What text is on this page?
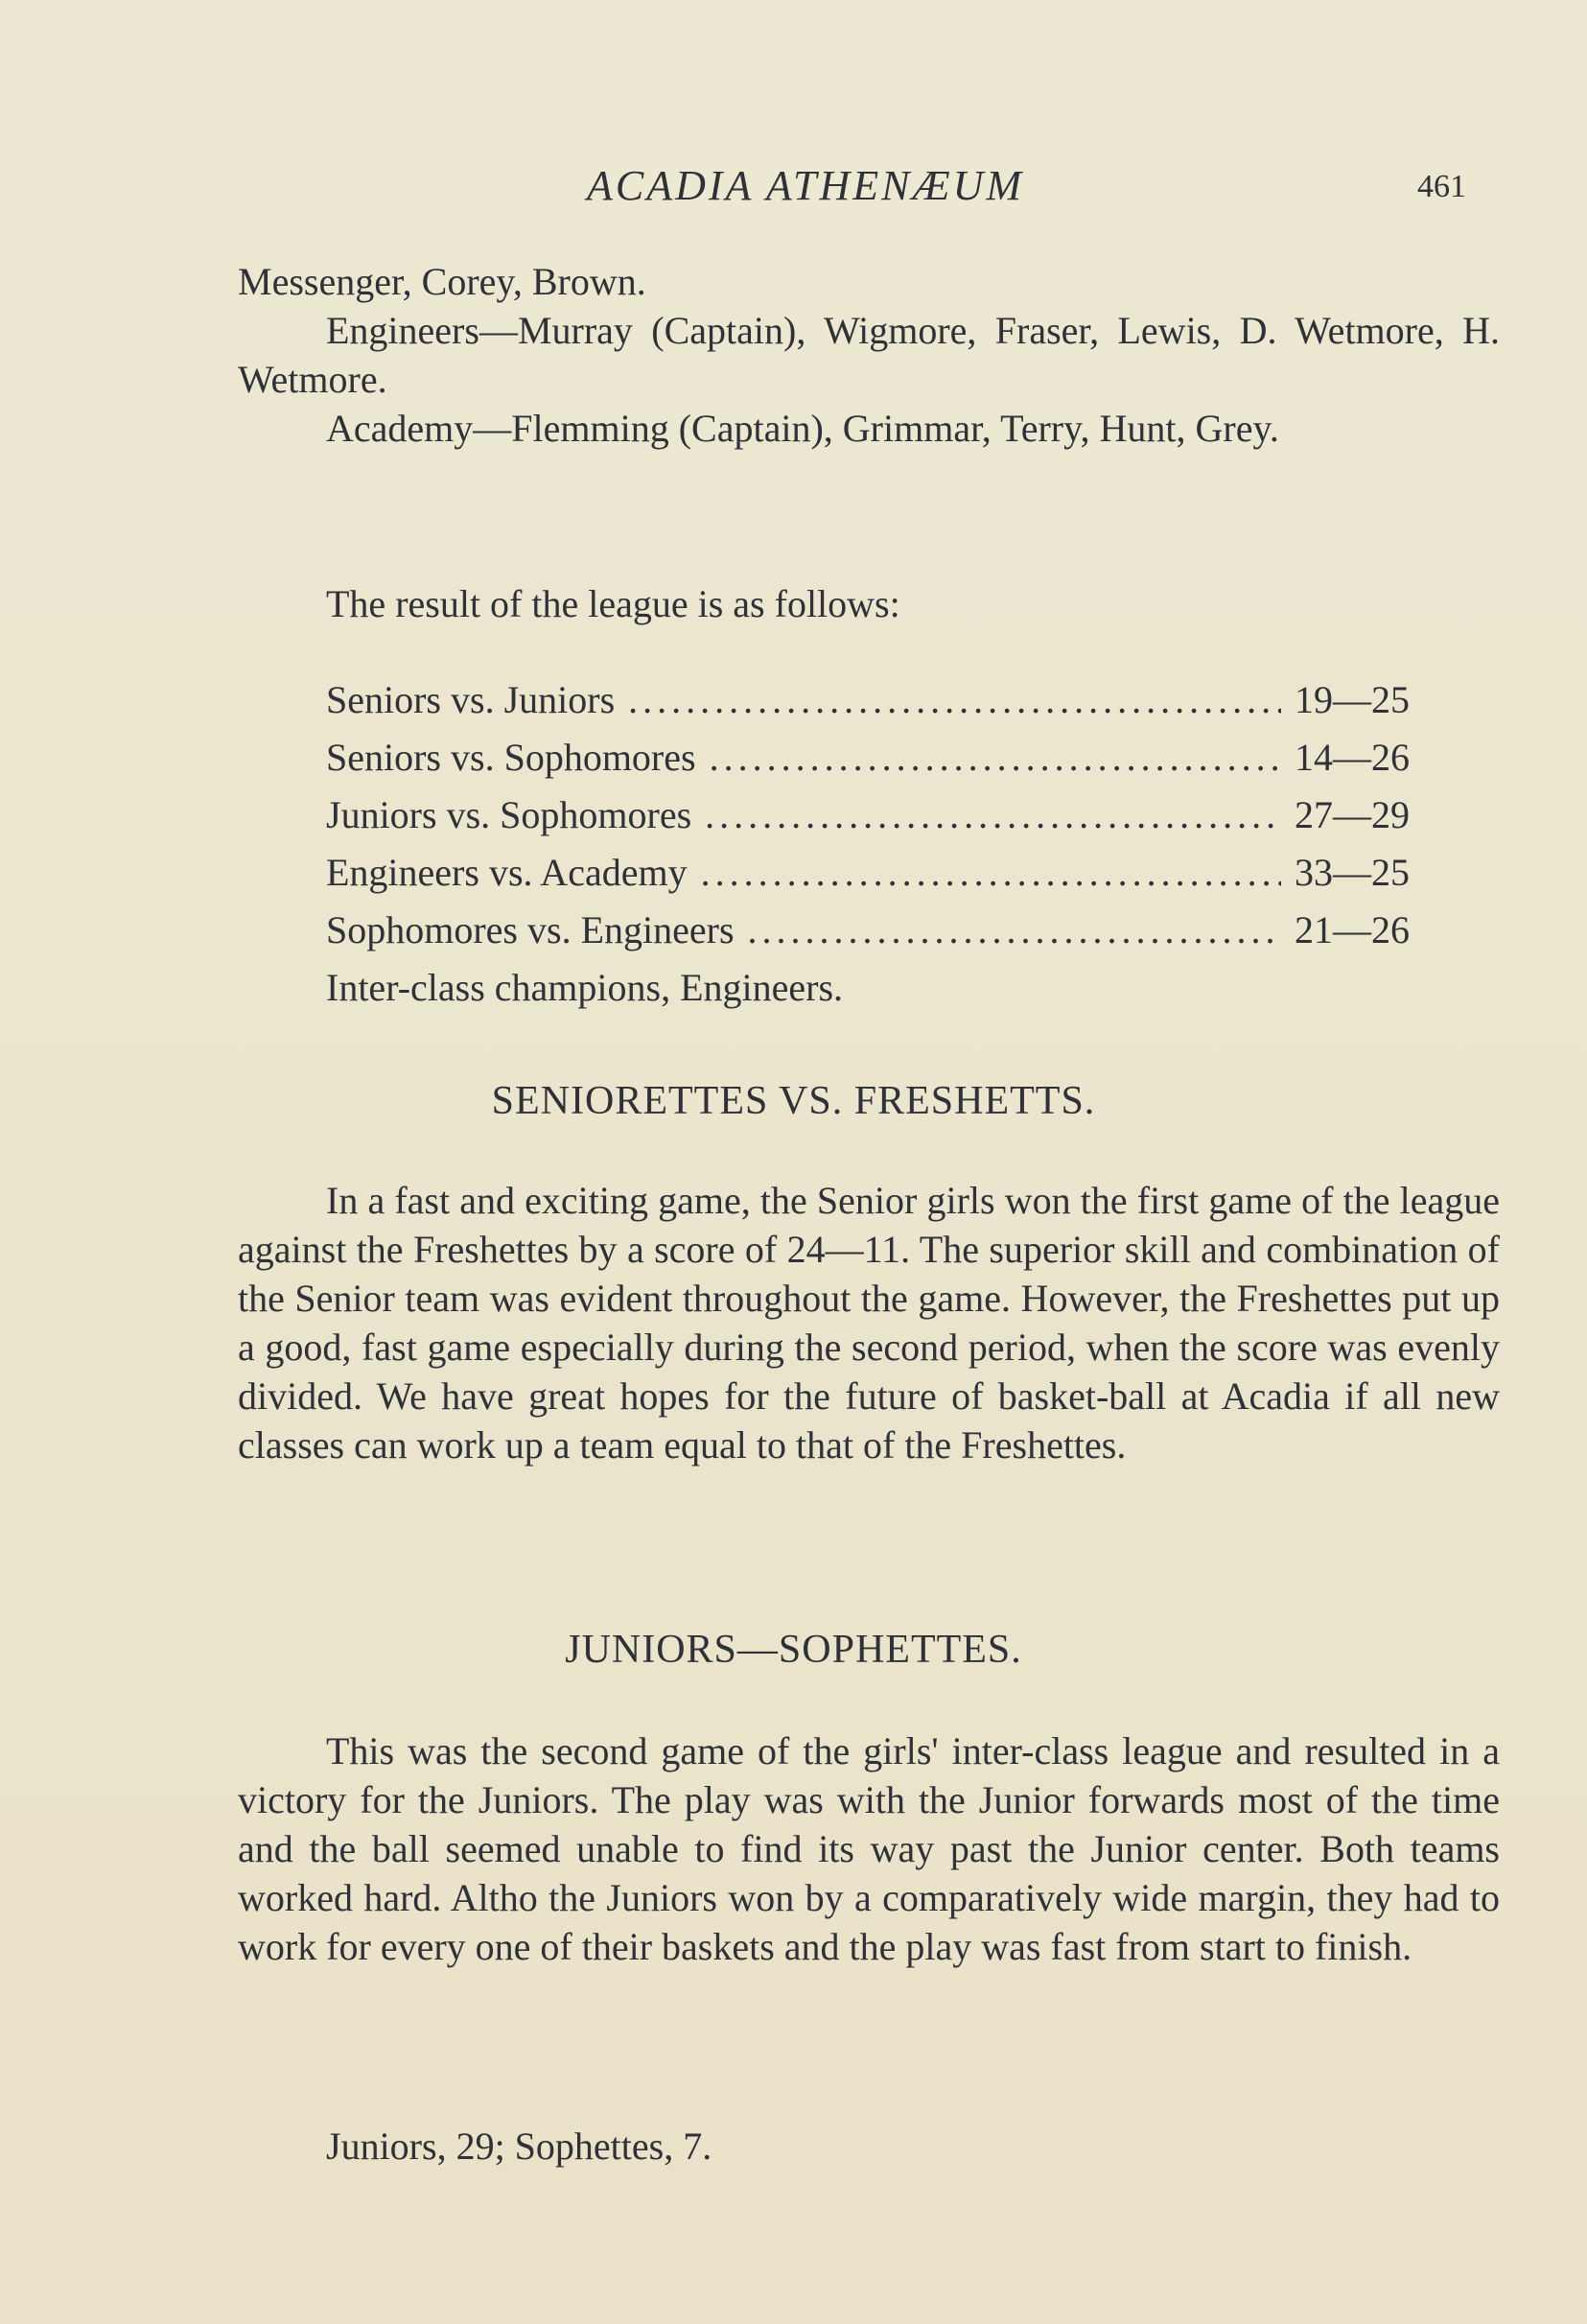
ACADIA ATHENÆUM	461

Messenger, Corey, Brown.

Engineers—Murray (Captain), Wigmore, Fraser, Lewis, D. Wetmore, H. Wetmore.

Academy—Flemming (Captain), Grimmar, Terry, Hunt, Grey.

The result of the league is as follows:

Seniors vs. Juniors .....	19—25
Seniors vs. Sophomores .....	14—26
Juniors vs. Sophomores .....	27—29
Engineers vs. Academy .....	33—25
Sophomores vs. Engineers .....	21—26
Inter-class champions, Engineers.
SENIORETTES VS. FRESHETTS.

In a fast and exciting game, the Senior girls won the first game of the league against the Freshettes by a score of 24—11. The superior skill and combination of the Senior team was evident throughout the game. However, the Freshettes put up a good, fast game especially during the second period, when the score was evenly divided. We have great hopes for the future of basket-ball at Acadia if all new classes can work up a team equal to that of the Freshettes.

JUNIORS—SOPHETTES.

This was the second game of the girls' inter-class league and resulted in a victory for the Juniors. The play was with the Junior forwards most of the time and the ball seemed unable to find its way past the Junior center. Both teams worked hard. Altho the Juniors won by a comparatively wide margin, they had to work for every one of their baskets and the play was fast from start to finish.

Juniors, 29; Sophettes, 7.
